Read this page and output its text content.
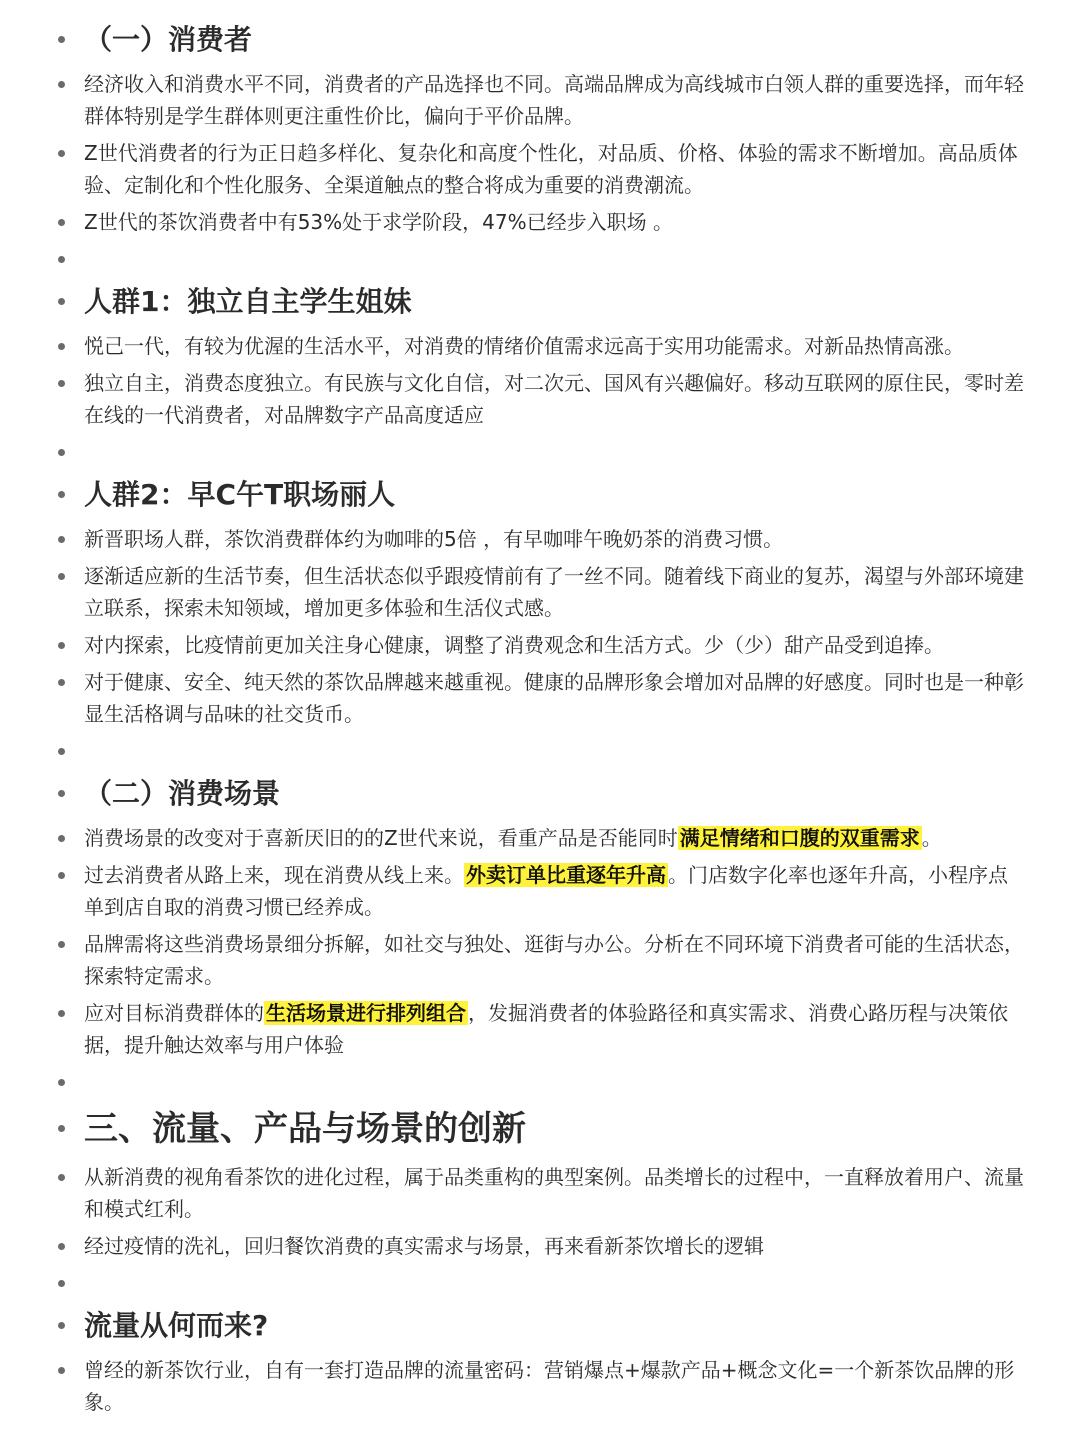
（一）消费者
经济收入和消费水平不同，消费者的产品选择也不同。高端品牌成为高线城市白领人群的重要选择，而年轻群体特别是学生群体则更注重性价比，偏向于平价品牌。
Z世代消费者的行为正日趋多样化、复杂化和高度个性化，对品质、价格、体验的需求不断增加。高品质体验、定制化和个性化服务、全渠道触点的整合将成为重要的消费潮流。
Z世代的茶饮消费者中有53%处于求学阶段，47%已经步入职场 。
人群1：独立自主学生姐妹
悦己一代，有较为优渥的生活水平，对消费的情绪价值需求远高于实用功能需求。对新品热情高涨。
独立自主，消费态度独立。有民族与文化自信，对二次元、国风有兴趣偏好。移动互联网的原住民，零时差在线的一代消费者，对品牌数字产品高度适应
人群2：早C午T职场丽人
新晋职场人群，茶饮消费群体约为咖啡的5倍 ，有早咖啡午晚奶茶的消费习惯。
逐渐适应新的生活节奏，但生活状态似乎跟疫情前有了一丝不同。随着线下商业的复苏，渴望与外部环境建立联系，探索未知领域，增加更多体验和生活仪式感。
对内探索，比疫情前更加关注身心健康，调整了消费观念和生活方式。少（少）甜产品受到追捧。
对于健康、安全、纯天然的茶饮品牌越来越重视。健康的品牌形象会增加对品牌的好感度。同时也是一种彰显生活格调与品味的社交货币。
（二）消费场景
消费场景的改变对于喜新厌旧的的Z世代来说，看重产品是否能同时 满足情绪和口腹的双重需求 。
过去消费者从路上来，现在消费从线上来。 外卖订单比重逐年升高 。门店数字化率也逐年升高，小程序点单到店自取的消费习惯已经养成。
品牌需将这些消费场景细分拆解，如社交与独处、逛街与办公。分析在不同环境下消费者可能的生活状态，探索特定需求。
应对目标消费群体的 生活场景进行排列组合 ，发掘消费者的体验路径和真实需求、消费心路历程与决策依据，提升触达效率与用户体验
三、流量、产品与场景的创新
从新消费的视角看茶饮的进化过程，属于品类重构的典型案例。品类增长的过程中，一直释放着用户、流量和模式红利。
经过疫情的洗礼，回归餐饮消费的真实需求与场景，再来看新茶饮增长的逻辑
流量从何而来?
曾经的新茶饮行业，自有一套打造品牌的流量密码：营销爆点+爆款产品+概念文化=一个新茶饮品牌的形象。
